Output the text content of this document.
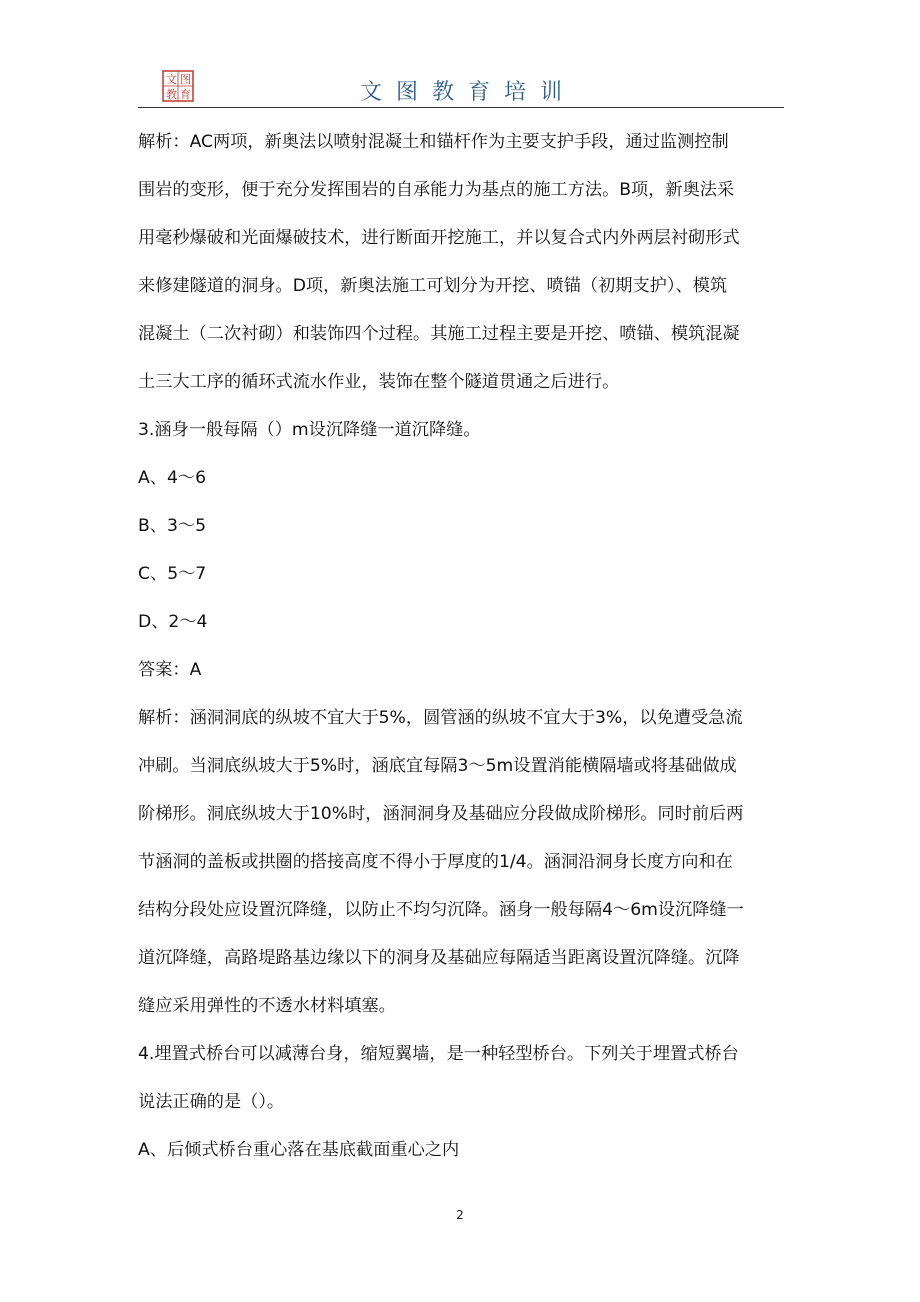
文 图
教 育	文图教育培训
解析：AC两项，新奥法以喷射混凝土和锚杆作为主要支护手段，通过监测控制
围岩的变形，便于充分发挥围岩的自承能力为基点的施工方法。B项，新奥法采
用毫秒爆破和光面爆破技术，进行断面开挖施工，并以复合式内外两层衬砌形式
来修建隧道的洞身。D项，新奥法施工可划分为开挖、喷锚（初期支护）、模筑
混凝土（二次衬砌）和装饰四个过程。其施工过程主要是开挖、喷锚、模筑混凝
土三大工序的循环式流水作业，装饰在整个隧道贯通之后进行。
3.涵身一般每隔（）m设沉降缝一道沉降缝。
A、4～6
B、3～5
C、5～7
D、2～4
答案：A
解析：涵洞洞底的纵坡不宜大于5%，圆管涵的纵坡不宜大于3%，以免遭受急流
冲刷。当洞底纵坡大于5%时，涵底宜每隔3～5m设置消能横隔墙或将基础做成
阶梯形。洞底纵坡大于10%时，涵洞洞身及基础应分段做成阶梯形。同时前后两
节涵洞的盖板或拱圈的搭接高度不得小于厚度的1/4。涵洞沿洞身长度方向和在
结构分段处应设置沉降缝，以防止不均匀沉降。涵身一般每隔4～6m设沉降缝一
道沉降缝，高路堤路基边缘以下的洞身及基础应每隔适当距离设置沉降缝。沉降
缝应采用弹性的不透水材料填塞。
4.埋置式桥台可以减薄台身，缩短翼墙，是一种轻型桥台。下列关于埋置式桥台
说法正确的是（）。
A、后倾式桥台重心落在基底截面重心之内
2
